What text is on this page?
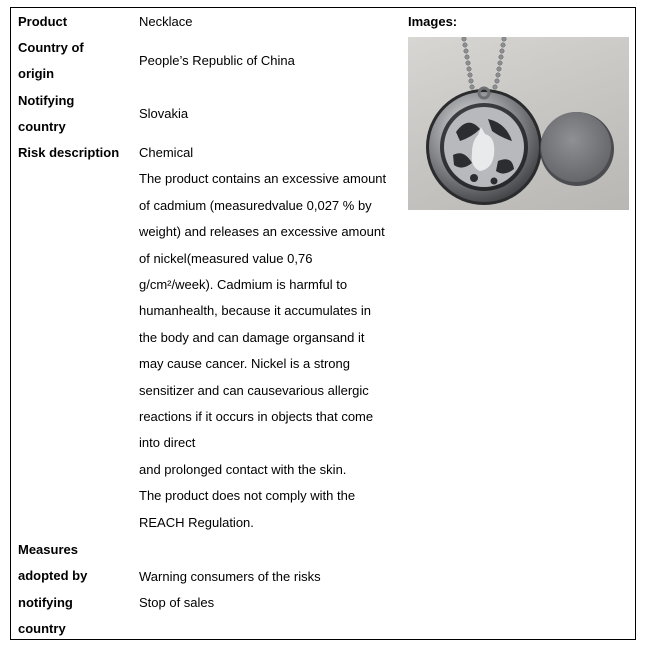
Product
Country of
origin
Notifying
country
Risk description
Measures
adopted by
notifying
country
Images:
Necklace
People’s Republic of China
Slovakia
Chemical
The product contains an excessive amount
of cadmium (measuredvalue 0,027 % by
weight) and releases an excessive amount
of nickel(measured value 0,76
g/cm²/week). Cadmium is harmful to
humanhealth, because it accumulates in
the body and can damage organsand it
may cause cancer. Nickel is a strong
sensitizer and can causevarious allergic
reactions if it occurs in objects that come
into direct
and prolonged contact with the skin.
The product does not comply with the
REACH Regulation.
Warning consumers of the risks
Stop of sales
